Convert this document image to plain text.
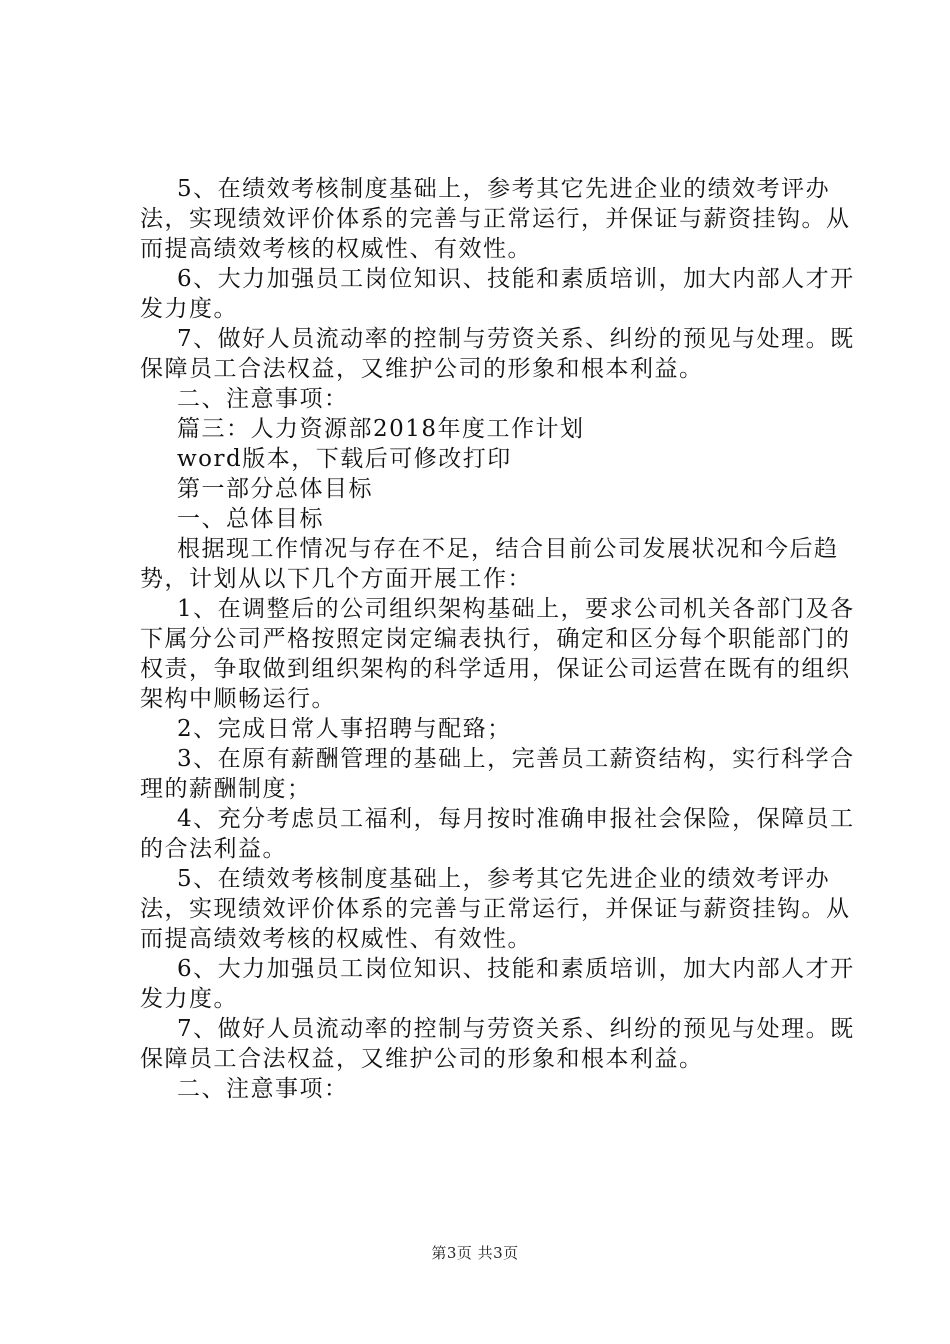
5、在绩效考核制度基础上，参考其它先进企业的绩效考评办法，实现绩效评价体系的完善与正常运行，并保证与薪资挂钩。从而提高绩效考核的权威性、有效性。

6、大力加强员工岗位知识、技能和素质培训，加大内部人才开发力度。

7、做好人员流动率的控制与劳资关系、纠纷的预见与处理。既保障员工合法权益，又维护公司的形象和根本利益。

二、注意事项：

篇三：人力资源部2018年度工作计划

word版本，下载后可修改打印

第一部分总体目标

一、总体目标

根据现工作情况与存在不足，结合目前公司发展状况和今后趋势，计划从以下几个方面开展工作：

1、在调整后的公司组织架构基础上，要求公司机关各部门及各下属分公司严格按照定岗定编表执行，确定和区分每个职能部门的权责，争取做到组织架构的科学适用，保证公司运营在既有的组织架构中顺畅运行。

2、完成日常人事招聘与配臵；

3、在原有薪酬管理的基础上，完善员工薪资结构，实行科学合理的薪酬制度；

4、充分考虑员工福利，每月按时准确申报社会保险，保障员工的合法利益。

5、在绩效考核制度基础上，参考其它先进企业的绩效考评办法，实现绩效评价体系的完善与正常运行，并保证与薪资挂钩。从而提高绩效考核的权威性、有效性。

6、大力加强员工岗位知识、技能和素质培训，加大内部人才开发力度。

7、做好人员流动率的控制与劳资关系、纠纷的预见与处理。既保障员工合法权益，又维护公司的形象和根本利益。

二、注意事项：

第3页 共3页
